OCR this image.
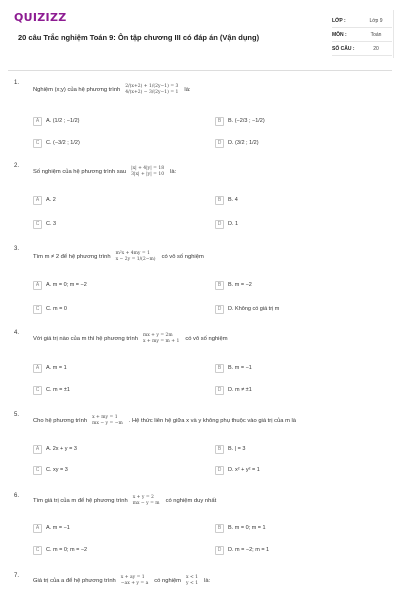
QUIZIZZ
20 câu Trắc nghiệm Toán 9: Ôn tập chương III có đáp án (Vận dụng)
LỚP :	Lớp 9
MÔN :	Toán
SỐ CÂU :	20
1.
Nghiệm (x;y) của hệ phương trình
2/(x+2) + 1/(2y−1) = 3
4/(x+2) − 3/(2y−1) = 1 là:
A	A. (1/2 ; −1/2)	B	B. (−2/3 ; −1/2)
C	C. (−3/2 ; 1/2)	D	D. (3/2 ; 1/2)
2.
Số nghiệm của hệ phương trình sau
|x| + 4|y| = 18
3|x| + |y| = 10 là:
A	A. 2	B	B. 4
C	C. 3	D	D. 1
3.
Tìm m ≠ 2 để hệ phương trình
m²x + 4my = 1
x − 2y = 1/(2−m) có vô số nghiệm
A	A. m = 0; m = −2	B	B. m = −2
C	C. m = 0	D	D. Không có giá trị m
4.
Với giá trị nào của m thì hệ phương trình
mx + y = 2m
x + my = m + 1 có vô số nghiệm
A	A. m = 1	B	B. m = −1
C	C. m = ±1	D	D. m ≠ ±1
5.
Cho hệ phương trình
x + my = 1
mx − y = −m . Hệ thức liên hệ giữa x và y không phụ thuộc vào giá trị của m là
A	A. 2x + y = 3	B	B. | = 3
C	C. xy = 3	D	D. x² + y² = 1
6.
Tìm giá trị của m để hệ phương trình
x + y = 2
mx − y = m có nghiệm duy nhất
A	A. m = −1	B	B. m = 0; m = 1
C	C. m = 0; m = −2	D	D. m = −2; m = 1
7.
Giá trị của a để hệ phương trình
x + ay = 1
−ax + y = a có nghiệm
x < 1
y < 1 là:
